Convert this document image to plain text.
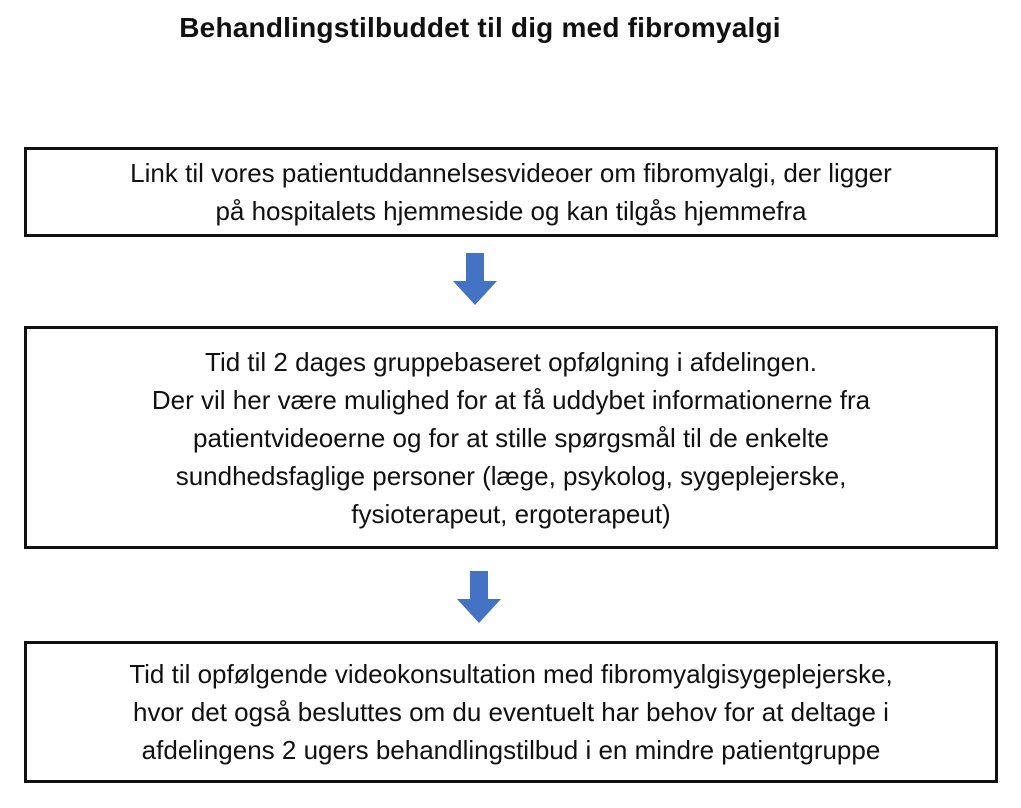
Behandlingstilbuddet til dig med fibromyalgi
Link til vores patientuddannelsesvideoer om fibromyalgi, der ligger
på hospitalets hjemmeside og kan tilgås hjemmefra
Tid til 2 dages gruppebaseret opfølgning i afdelingen.
Der vil her være mulighed for at få uddybet informationerne fra
patientvideoerne og for at stille spørgsmål til de enkelte
sundhedsfaglige personer (læge, psykolog, sygeplejerske,
fysioterapeut, ergoterapeut)
Tid til opfølgende videokonsultation med fibromyalgisygeplejerske,
hvor det også besluttes om du eventuelt har behov for at deltage i
afdelingens 2 ugers behandlingstilbud i en mindre patientgruppe
